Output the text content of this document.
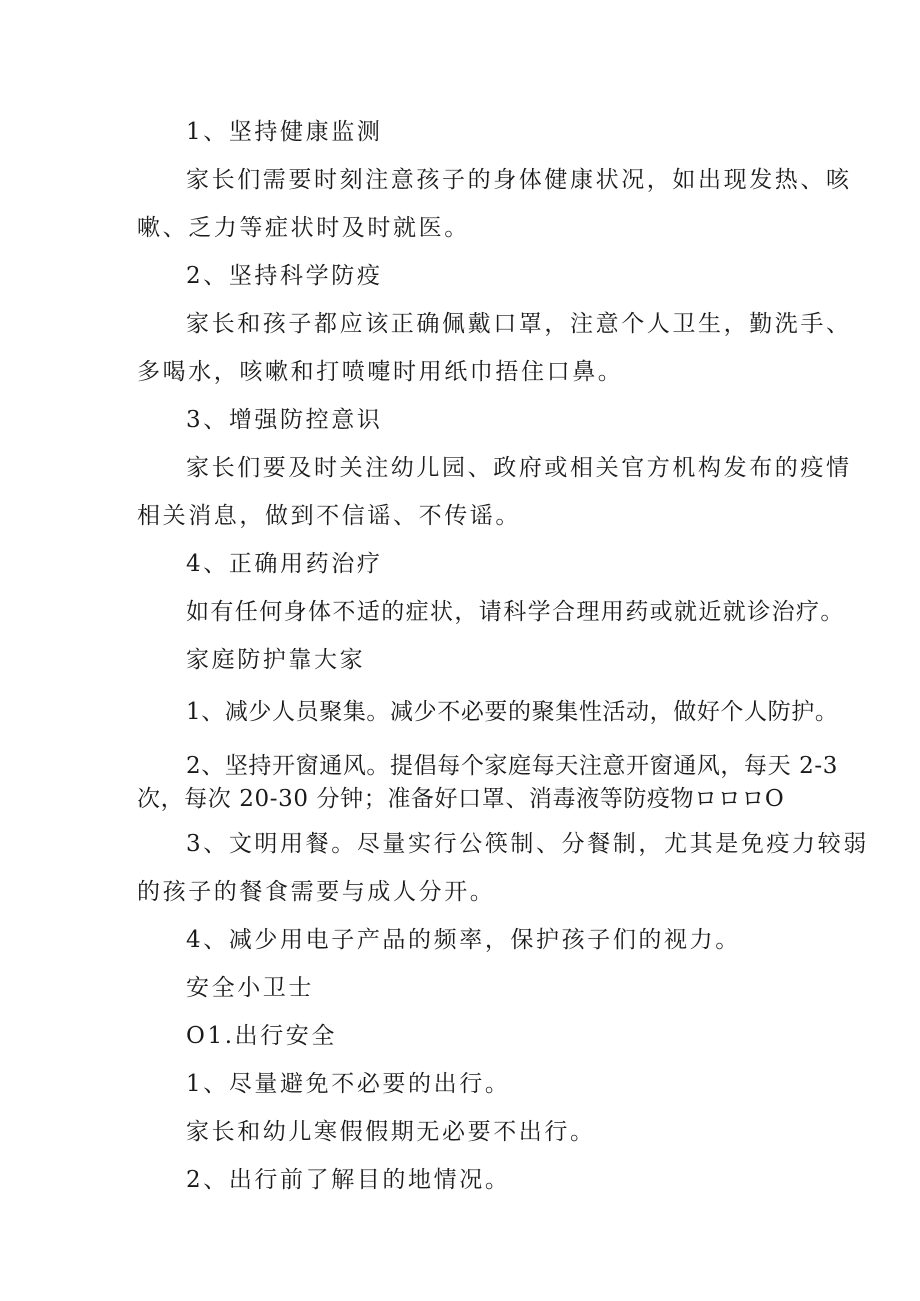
1、坚持健康监测
家长们需要时刻注意孩子的身体健康状况，如出现发热、咳
嗽、乏力等症状时及时就医。
2、坚持科学防疫
家长和孩子都应该正确佩戴口罩，注意个人卫生，勤洗手、
多喝水，咳嗽和打喷嚏时用纸巾捂住口鼻。
3、增强防控意识
家长们要及时关注幼儿园、政府或相关官方机构发布的疫情
相关消息，做到不信谣、不传谣。
4、正确用药治疗
如有任何身体不适的症状，请科学合理用药或就近就诊治疗。
家庭防护靠大家
1、减少人员聚集。减少不必要的聚集性活动，做好个人防护。
2、坚持开窗通风。提倡每个家庭每天注意开窗通风，每天 2-3
次，每次 20-30 分钟；准备好口罩、消毒液等防疫物ロロロO
3、文明用餐。尽量实行公筷制、分餐制，尤其是免疫力较弱
的孩子的餐食需要与成人分开。
4、减少用电子产品的频率，保护孩子们的视力。
安全小卫士
O1.出行安全
1、尽量避免不必要的出行。
家长和幼儿寒假假期无必要不出行。
2、出行前了解目的地情况。
